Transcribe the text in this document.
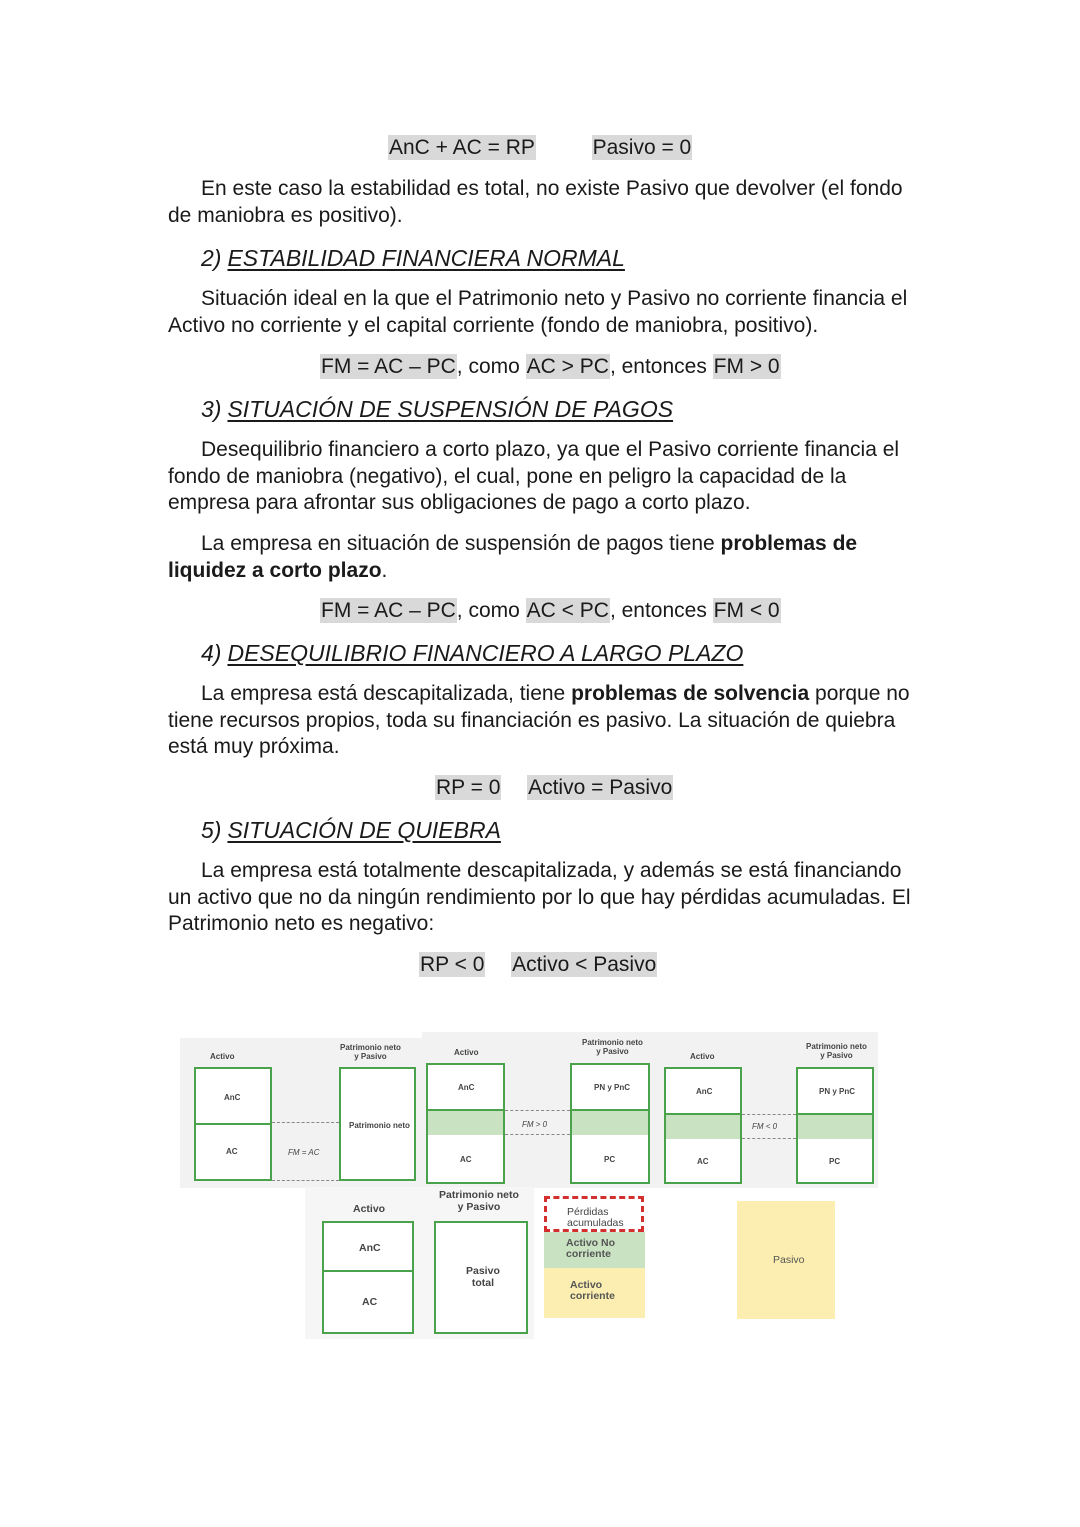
AnC + AC = RP	Pasivo = 0

En este caso la estabilidad es total, no existe Pasivo que devolver (el fondo de maniobra es positivo).

2) ESTABILIDAD FINANCIERA NORMAL

Situación ideal en la que el Patrimonio neto y Pasivo no corriente financia el Activo no corriente y el capital corriente (fondo de maniobra, positivo).

FM = AC – PC, como AC > PC, entonces FM > 0
3) SITUACIÓN DE SUSPENSIÓN DE PAGOS

Desequilibrio financiero a corto plazo, ya que el Pasivo corriente financia el fondo de maniobra (negativo), el cual, pone en peligro la capacidad de la empresa para afrontar sus obligaciones de pago a corto plazo.

La empresa en situación de suspensión de pagos tiene problemas de liquidez a corto plazo.

FM = AC – PC, como AC < PC, entonces FM < 0
4) DESEQUILIBRIO FINANCIERO A LARGO PLAZO

La empresa está descapitalizada, tiene problemas de solvencia porque no tiene recursos propios, toda su financiación es pasivo. La situación de quiebra está muy próxima.

RP = 0 Activo = Pasivo
5) SITUACIÓN DE QUIEBRA

La empresa está totalmente descapitalizada, y además se está financiando un activo que no da ningún rendimiento por lo que hay pérdidas acumuladas. El Patrimonio neto es negativo:

RP < 0 Activo < Pasivo
Activo
Patrimonio neto
y Pasivo
AnC
AC
Patrimonio neto
FM = AC
Activo
Patrimonio neto
y Pasivo
AnC
AC
PN y PnC
PC
FM > 0
Activo
Patrimonio neto
y Pasivo
AnC
AC
PN y PnC
PC
FM < 0
Activo
Patrimonio neto
y Pasivo
AnC
AC
Pasivo
total
Pérdidas
acumuladas
Activo No
corriente
Activo
corriente
Pasivo
